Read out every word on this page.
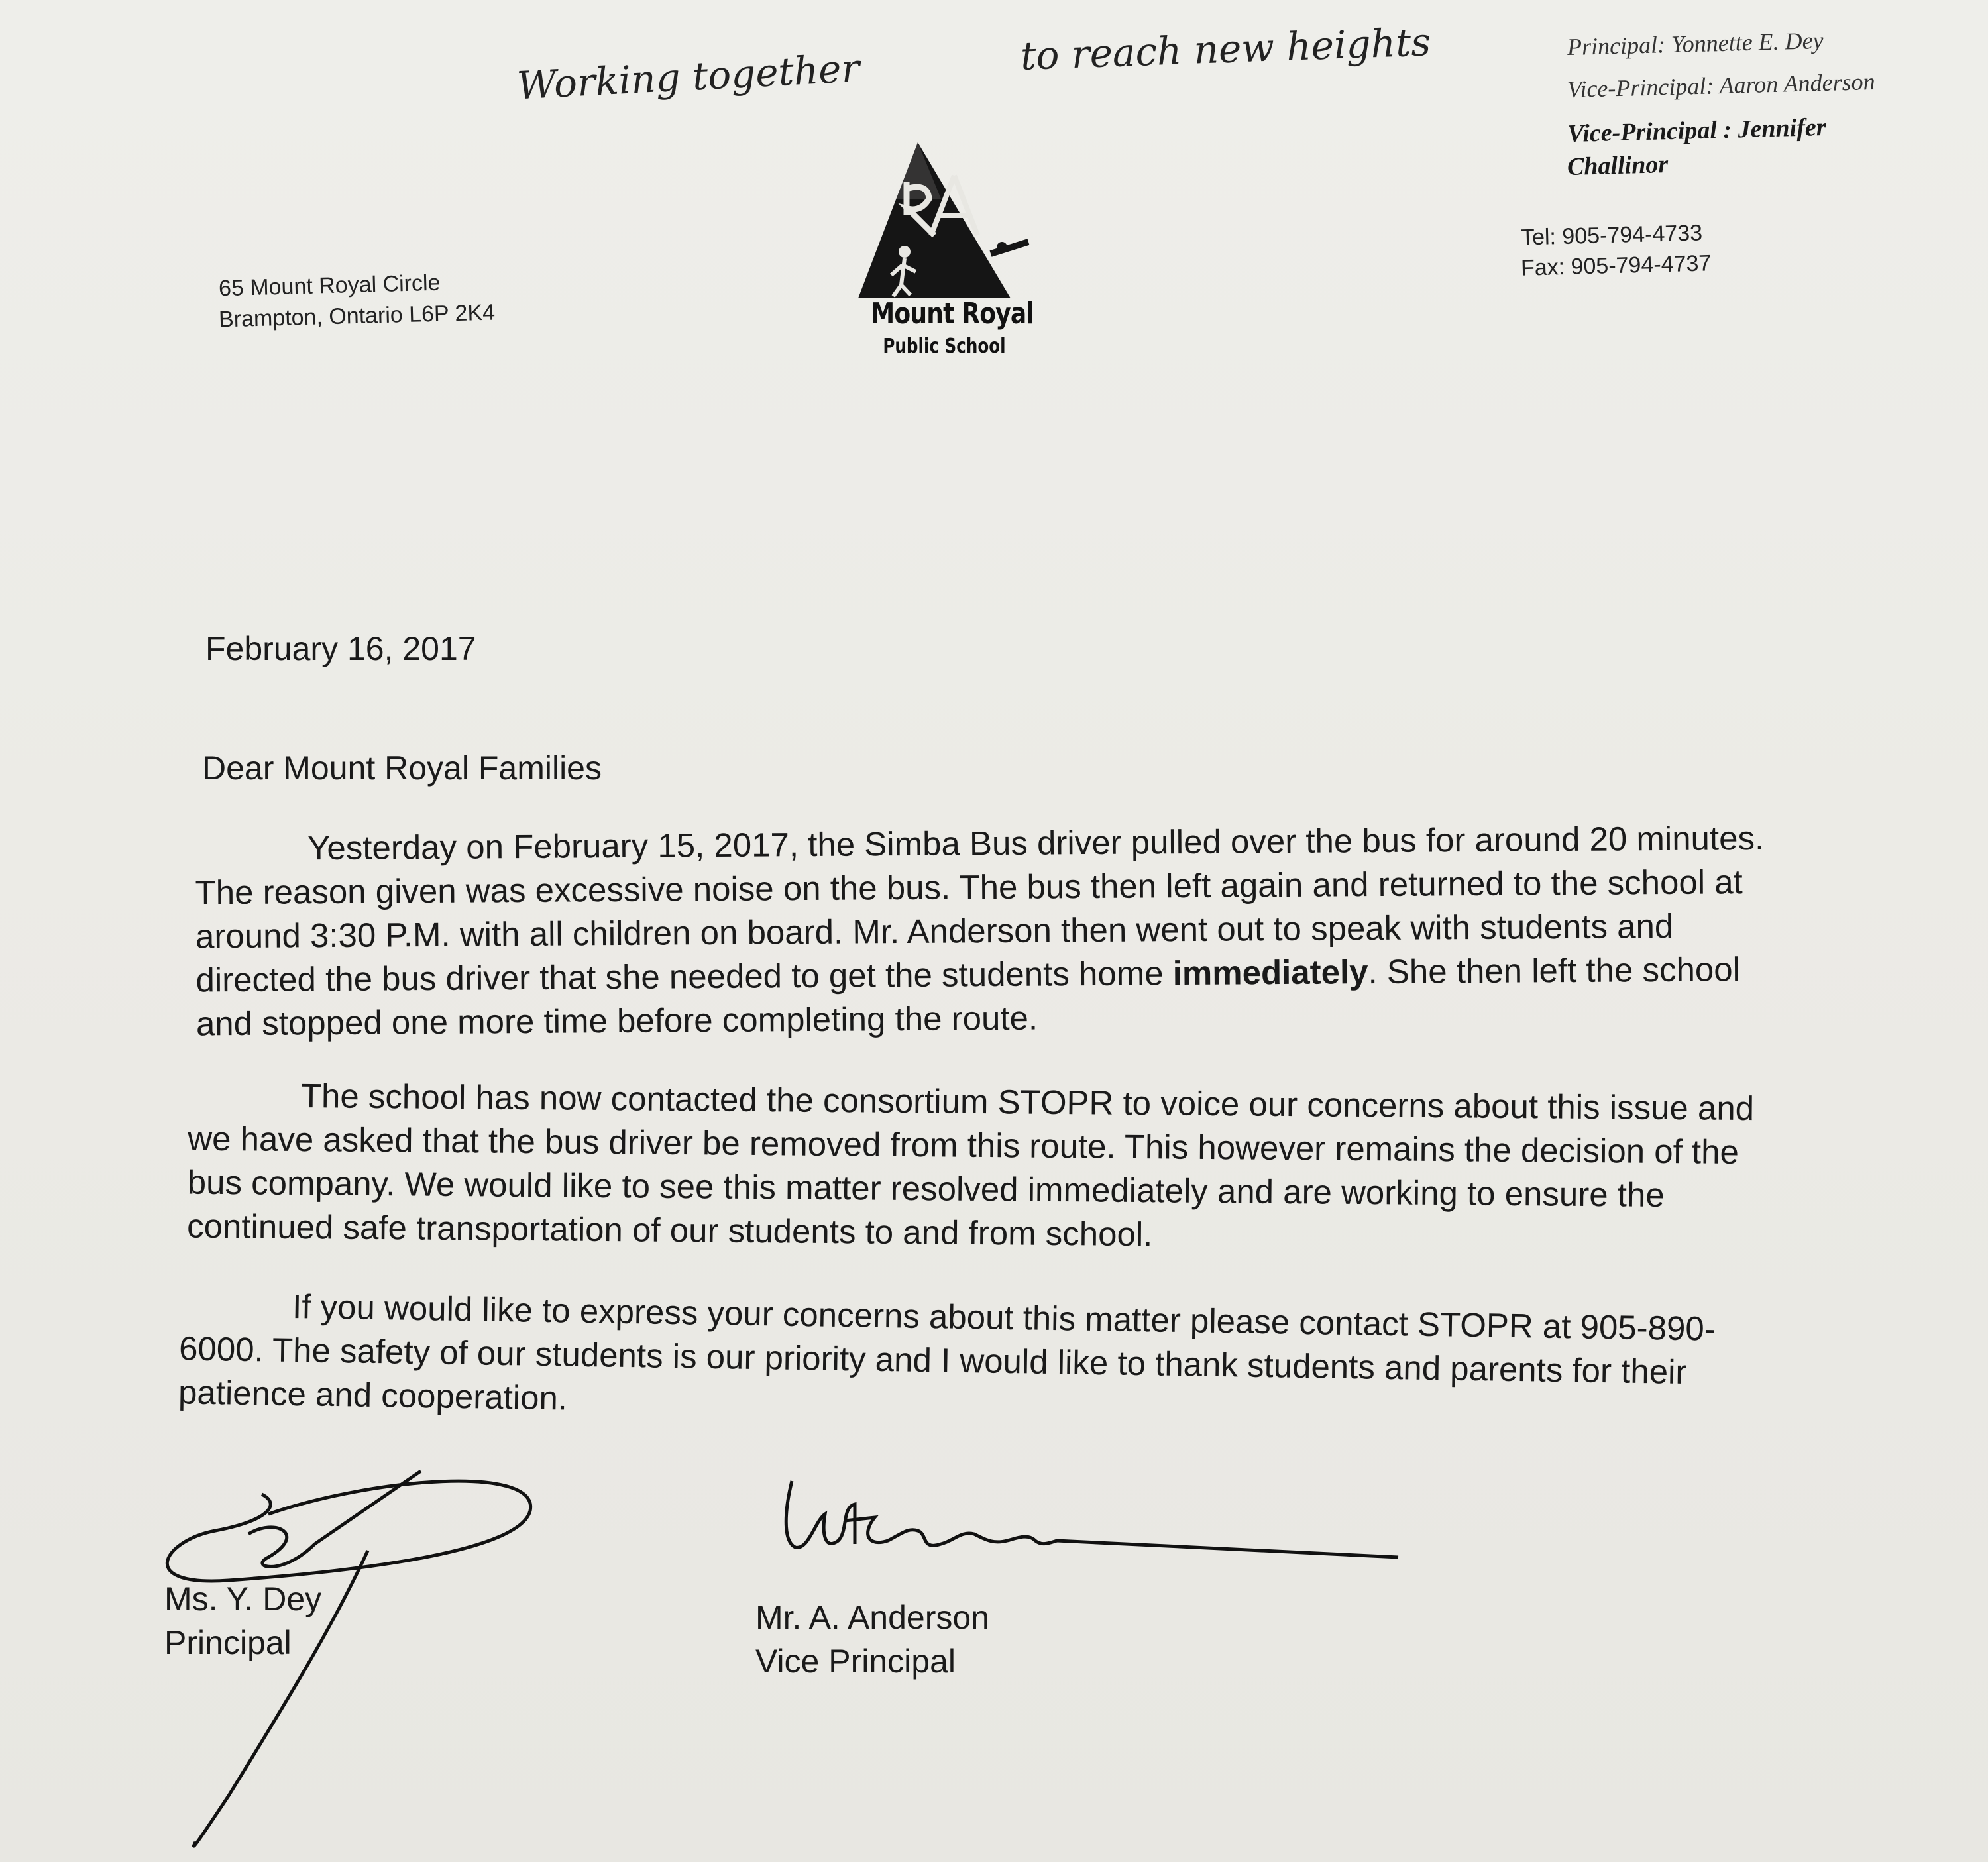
Working together	to reach new heights	Principal: Yonnette E. Dey
Vice-Principal: Aaron Anderson
Vice-Principal : Jennifer
Challinor
Tel: 905-794-4733
Fax: 905-794-4737
65 Mount Royal Circle
Brampton, Ontario L6P 2K4	Mount Royal
Public School
February 16, 2017
Dear Mount Royal Families
Yesterday on February 15, 2017, the Simba Bus driver pulled over the bus for around 20 minutes. The reason given was excessive noise on the bus. The bus then left again and returned to the school at around 3:30 P.M. with all children on board. Mr. Anderson then went out to speak with students and directed the bus driver that she needed to get the students home immediately. She then left the school and stopped one more time before completing the route.
The school has now contacted the consortium STOPR to voice our concerns about this issue and we have asked that the bus driver be removed from this route. This however remains the decision of the bus company. We would like to see this matter resolved immediately and are working to ensure the continued safe transportation of our students to and from school.
If you would like to express your concerns about this matter please contact STOPR at 905-890-6000. The safety of our students is our priority and I would like to thank students and parents for their patience and cooperation.
Ms. Y. Dey
Principal
Mr. A. Anderson
Vice Principal
